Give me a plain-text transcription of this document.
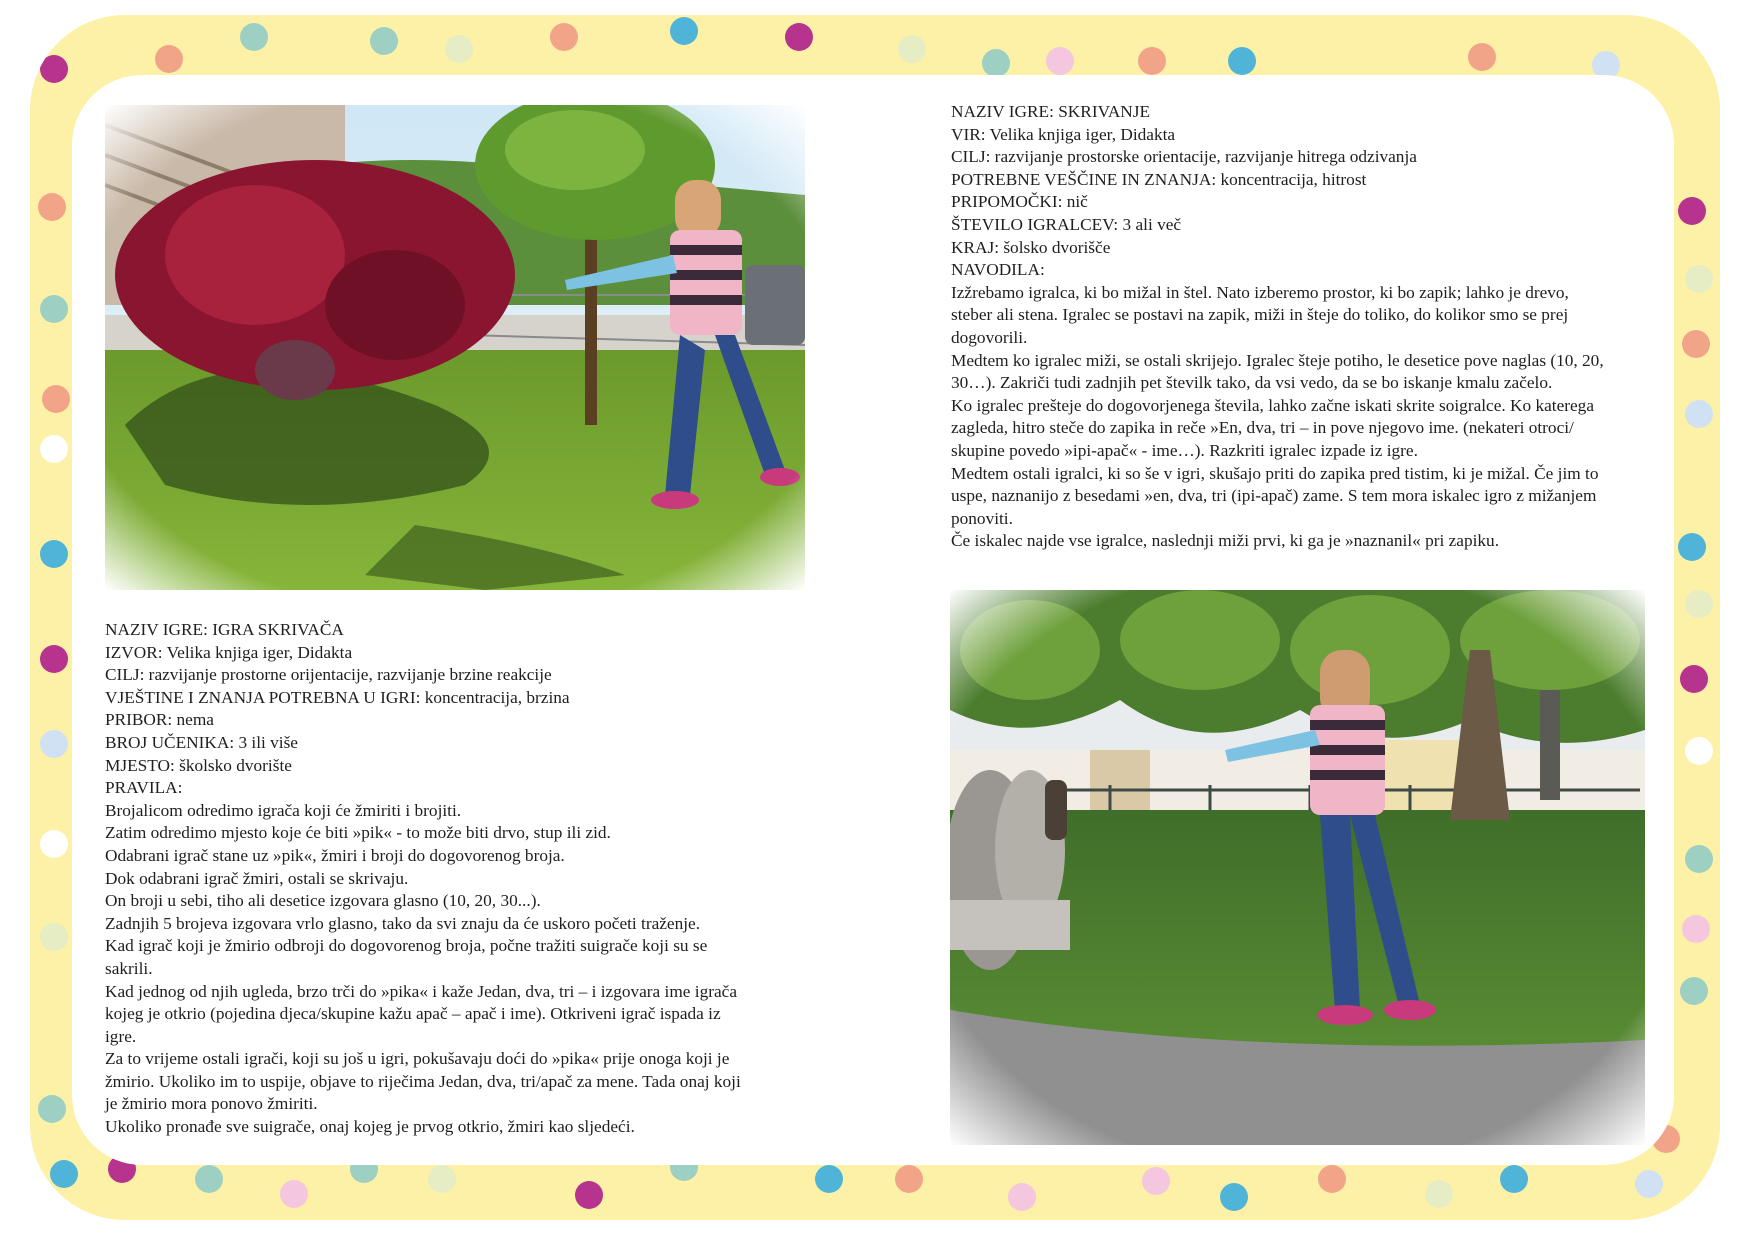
NAZIV IGRE: IGRA SKRIVAČA
IZVOR: Velika knjiga iger, Didakta
CILJ: razvijanje prostorne orijentacije, razvijanje brzine reakcije
VJEŠTINE I ZNANJA POTREBNA U IGRI: koncentracija, brzina
PRIBOR: nema
BROJ UČENIKA: 3 ili više
MJESTO: školsko dvorište
PRAVILA:
Brojalicom odredimo igrača koji će žmiriti i brojiti.
Zatim odredimo mjesto koje će biti »pik« - to može biti drvo, stup ili zid.
Odabrani igrač stane uz »pik«, žmiri i broji do dogovorenog broja.
Dok odabrani igrač žmiri, ostali se skrivaju.
On broji u sebi, tiho ali desetice izgovara glasno (10, 20, 30...).
Zadnjih 5 brojeva izgovara vrlo glasno, tako da svi znaju da će uskoro početi traženje.
Kad igrač koji je žmirio odbroji do dogovorenog broja, počne tražiti suigrače koji su se
sakrili.
Kad jednog od njih ugleda, brzo trči do »pika« i kaže Jedan, dva, tri – i izgovara ime igrača
kojeg je otkrio (pojedina djeca/skupine kažu apač – apač i ime). Otkriveni igrač ispada iz
igre.
Za to vrijeme ostali igrači, koji su još u igri, pokušavaju doći do »pika« prije onoga koji je
žmirio. Ukoliko im to uspije, objave to riječima Jedan, dva, tri/apač za mene. Tada onaj koji
je žmirio mora ponovo žmiriti.
Ukoliko pronađe sve suigrače, onaj kojeg je prvog otkrio, žmiri kao sljedeći.
NAZIV IGRE: SKRIVANJE
VIR: Velika knjiga iger, Didakta
CILJ: razvijanje prostorske orientacije, razvijanje hitrega odzivanja
POTREBNE VEŠČINE IN ZNANJA: koncentracija, hitrost
PRIPOMOČKI: nič
ŠTEVILO IGRALCEV: 3 ali več
KRAJ: šolsko dvorišče
NAVODILA:
Izžrebamo igralca, ki bo mižal in štel. Nato izberemo prostor, ki bo zapik; lahko je drevo,
steber ali stena. Igralec se postavi na zapik, miži in šteje do toliko, do kolikor smo se prej
dogovorili.
Medtem ko igralec miži, se ostali skrijejo. Igralec šteje potiho, le desetice pove naglas (10, 20,
30…). Zakriči tudi zadnjih pet številk tako, da vsi vedo, da se bo iskanje kmalu začelo.
Ko igralec prešteje do dogovorjenega števila, lahko začne iskati skrite soigralce. Ko katerega
zagleda, hitro steče do zapika in reče »En, dva, tri – in pove njegovo ime. (nekateri otroci/
skupine povedo »ipi-apač« - ime…). Razkriti igralec izpade iz igre.
Medtem ostali igralci, ki so še v igri, skušajo priti do zapika pred tistim, ki je mižal. Če jim to
uspe, naznanijo z besedami »en, dva, tri (ipi-apač) zame. S tem mora iskalec igro z mižanjem
ponoviti.
Če iskalec najde vse igralce, naslednji miži prvi, ki ga je »naznanil« pri zapiku.
